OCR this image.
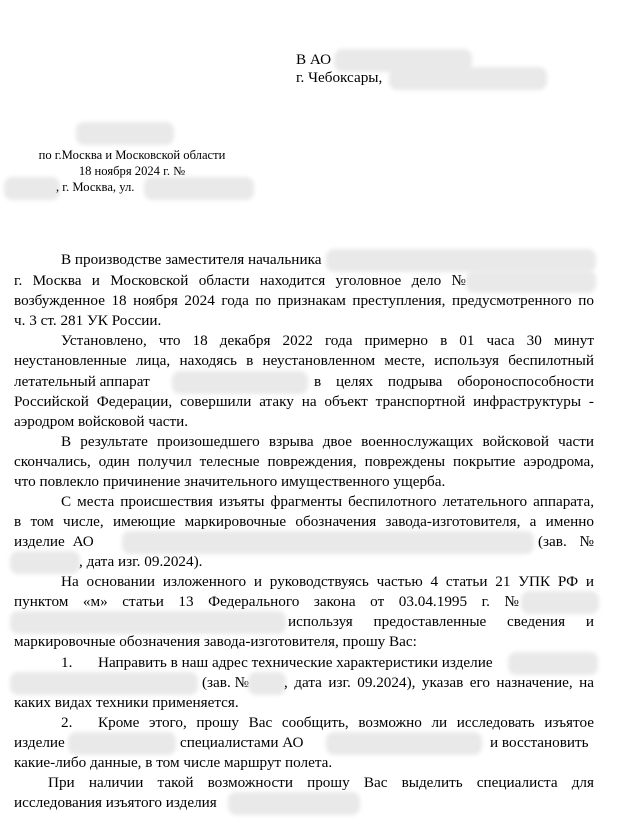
В АО
г. Чебоксары,
по г.Москва и Московской области
18 ноября 2024 г. №
, г. Москва, ул.
В производстве заместителя начальника
г. Москва и Московской области находится уголовное дело №
возбужденное 18 ноября 2024 года по признакам преступления, предусмотренного по
ч. 3 ст. 281 УК России.
Установлено, что 18 декабря 2022 года примерно в 01 часа 30 минут
неустановленные лица, находясь в неустановленном месте, используя беспилотный
летательный аппарат	в целях подрыва обороноспособности
Российской Федерации, совершили атаку на объект транспортной инфраструктуры -
аэродром войсковой части.
В результате произошедшего взрыва двое военнослужащих войсковой части
скончались, один получил телесные повреждения, повреждены покрытие аэродрома,
что повлекло причинение значительного имущественного ущерба.
С места происшествия изъяты фрагменты беспилотного летательного аппарата,
в том числе, имеющие маркировочные обозначения завода-изготовителя, а именно
изделие АО	(зав. №
, дата изг. 09.2024).
На основании изложенного и руководствуясь частью 4 статьи 21 УПК РФ и
пунктом «м» статьи 13 Федерального закона от 03.04.1995 г. №
используя предоставленные сведения и
маркировочные обозначения завода-изготовителя, прошу Вас:
1. Направить в наш адрес технические характеристики изделие
(зав. № , дата изг. 09.2024), указав его назначение, на
каких видах техники применяется.
2. Кроме этого, прошу Вас сообщить, возможно ли исследовать изъятое
изделие	специалистами АО	и восстановить
какие-либо данные, в том числе маршрут полета.
При наличии такой возможности прошу Вас выделить специалиста для
исследования изъятого изделия
